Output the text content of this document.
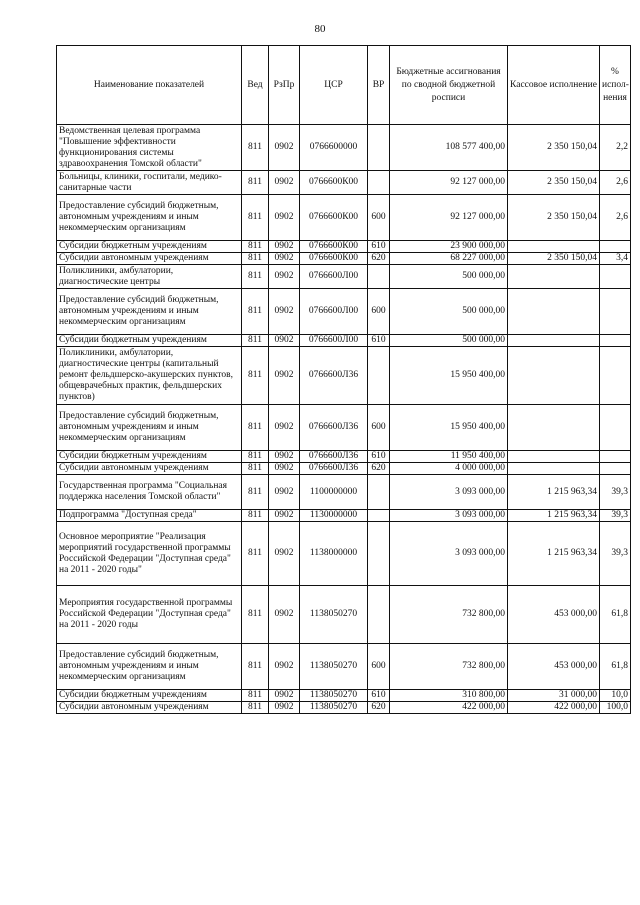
80
Наименование показателей	Вед	РзПр	ЦСР	ВР	Бюджетные ассигнования по сводной бюджетной росписи	Кассовое исполнение	% испол-нения
Ведомственная целевая программа "Повышение эффективности функционирования системы здравоохранения Томской области"	811	0902	0766600000		108 577 400,00	2 350 150,04	2,2
Больницы, клиники, госпитали, медико-санитарные части	811	0902	0766600К00		92 127 000,00	2 350 150,04	2,6
Предоставление субсидий бюджетным, автономным учреждениям и иным некоммерческим организациям	811	0902	0766600К00	600	92 127 000,00	2 350 150,04	2,6
Субсидии бюджетным учреждениям	811	0902	0766600К00	610	23 900 000,00		
Субсидии автономным учреждениям	811	0902	0766600К00	620	68 227 000,00	2 350 150,04	3,4
Поликлиники, амбулатории, диагностические центры	811	0902	0766600Л00		500 000,00		
Предоставление субсидий бюджетным, автономным учреждениям и иным некоммерческим организациям	811	0902	0766600Л00	600	500 000,00		
Субсидии бюджетным учреждениям	811	0902	0766600Л00	610	500 000,00		
Поликлиники, амбулатории, диагностические центры (капитальный ремонт фельдшерско-акушерских пунктов, общеврачебных практик, фельдшерских пунктов)	811	0902	0766600Л36		15 950 400,00		
Предоставление субсидий бюджетным, автономным учреждениям и иным некоммерческим организациям	811	0902	0766600Л36	600	15 950 400,00		
Субсидии бюджетным учреждениям	811	0902	0766600Л36	610	11 950 400,00		
Субсидии автономным учреждениям	811	0902	0766600Л36	620	4 000 000,00		
Государственная программа "Социальная поддержка населения Томской области"	811	0902	1100000000		3 093 000,00	1 215 963,34	39,3
Подпрограмма "Доступная среда"	811	0902	1130000000		3 093 000,00	1 215 963,34	39,3
Основное мероприятие "Реализация мероприятий государственной программы Российской Федерации "Доступная среда" на 2011 - 2020 годы"	811	0902	1138000000		3 093 000,00	1 215 963,34	39,3
Мероприятия государственной программы Российской Федерации "Доступная среда" на 2011 - 2020 годы	811	0902	1138050270		732 800,00	453 000,00	61,8
Предоставление субсидий бюджетным, автономным учреждениям и иным некоммерческим организациям	811	0902	1138050270	600	732 800,00	453 000,00	61,8
Субсидии бюджетным учреждениям	811	0902	1138050270	610	310 800,00	31 000,00	10,0
Субсидии автономным учреждениям	811	0902	1138050270	620	422 000,00	422 000,00	100,0
